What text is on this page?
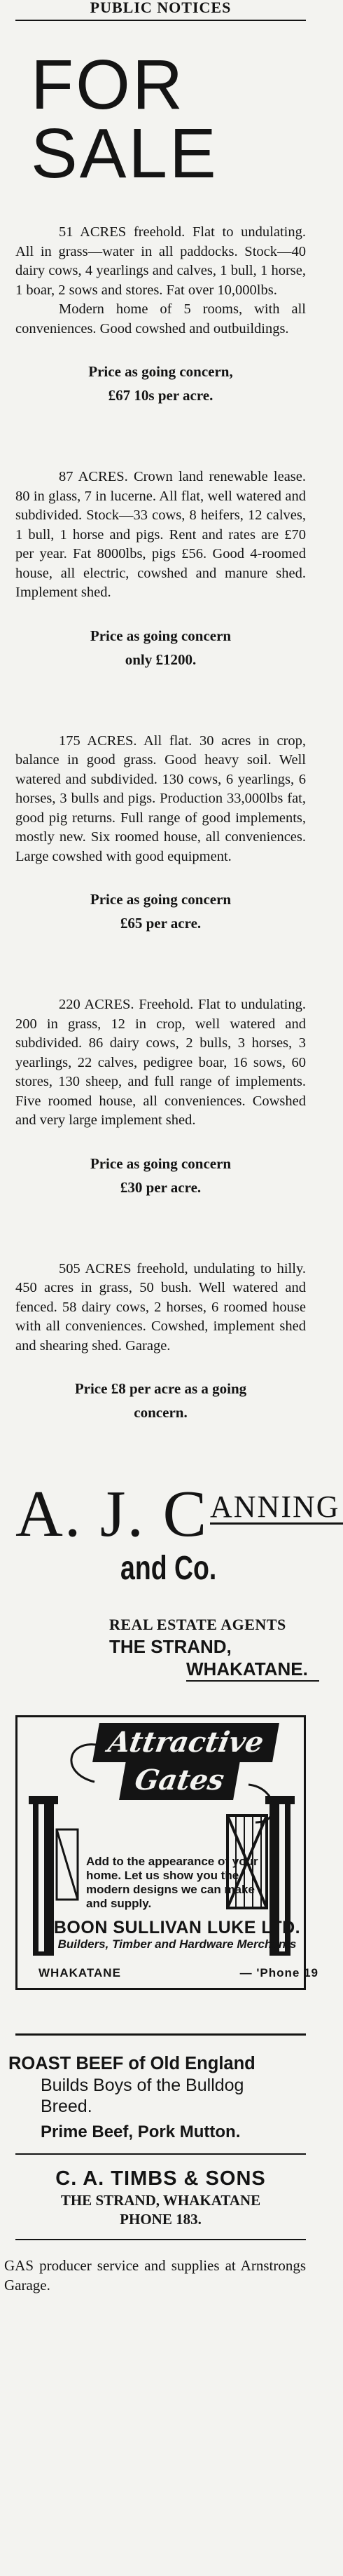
PUBLIC NOTICES
FOR
SALE

51 ACRES freehold. Flat to undulating. All in grass—water in all paddocks. Stock—40 dairy cows, 4 yearlings and calves, 1 bull, 1 horse, 1 boar, 2 sows and stores. Fat over 10,000lbs.

Modern home of 5 rooms, with all conveniences. Good cowshed and outbuildings.

Price as going concern,
£67 10s per acre.

87 ACRES. Crown land renewable lease. 80 in glass, 7 in lucerne. All flat, well watered and subdivided. Stock—33 cows, 8 heifers, 12 calves, 1 bull, 1 horse and pigs. Rent and rates are £70 per year. Fat 8000lbs, pigs £56. Good 4-roomed house, all electric, cowshed and manure shed. Implement shed.

Price as going concern
only £1200.

175 ACRES. All flat. 30 acres in crop, balance in good grass. Good heavy soil. Well watered and subdivided. 130 cows, 6 yearlings, 6 horses, 3 bulls and pigs. Production 33,000lbs fat, good pig returns. Full range of good implements, mostly new. Six roomed house, all conveniences. Large cowshed with good equipment.

Price as going concern
£65 per acre.

220 ACRES. Freehold. Flat to undulating. 200 in grass, 12 in crop, well watered and subdivided. 86 dairy cows, 2 bulls, 3 horses, 3 yearlings, 22 calves, pedigree boar, 16 sows, 60 stores, 130 sheep, and full range of implements. Five roomed house, all conveniences. Cowshed and very large implement shed.

Price as going concern
£30 per acre.

505 ACRES freehold, undulating to hilly. 450 acres in grass, 50 bush. Well watered and fenced. 58 dairy cows, 2 horses, 6 roomed house with all conveniences. Cowshed, implement shed and shearing shed. Garage.

Price £8 per acre as a going
concern.
A. J. C ANNING
and Co.
REAL ESTATE AGENTS
THE STRAND,
WHAKATANE.
Attractive
Gates
Add to the appearance of your home. Let us show you the modern designs we can make and supply.
BOON SULLIVAN LUKE LTD.
Builders, Timber and Hardware Merchants
WHAKATANE	— 'Phone 19
ROAST BEEF of Old England
Builds Boys of the Bulldog Breed.
Prime Beef, Pork Mutton.
C. A. TIMBS & SONS
THE STRAND, WHAKATANE
PHONE 183.
GAS producer service and supplies at Arnstrongs Garage.
